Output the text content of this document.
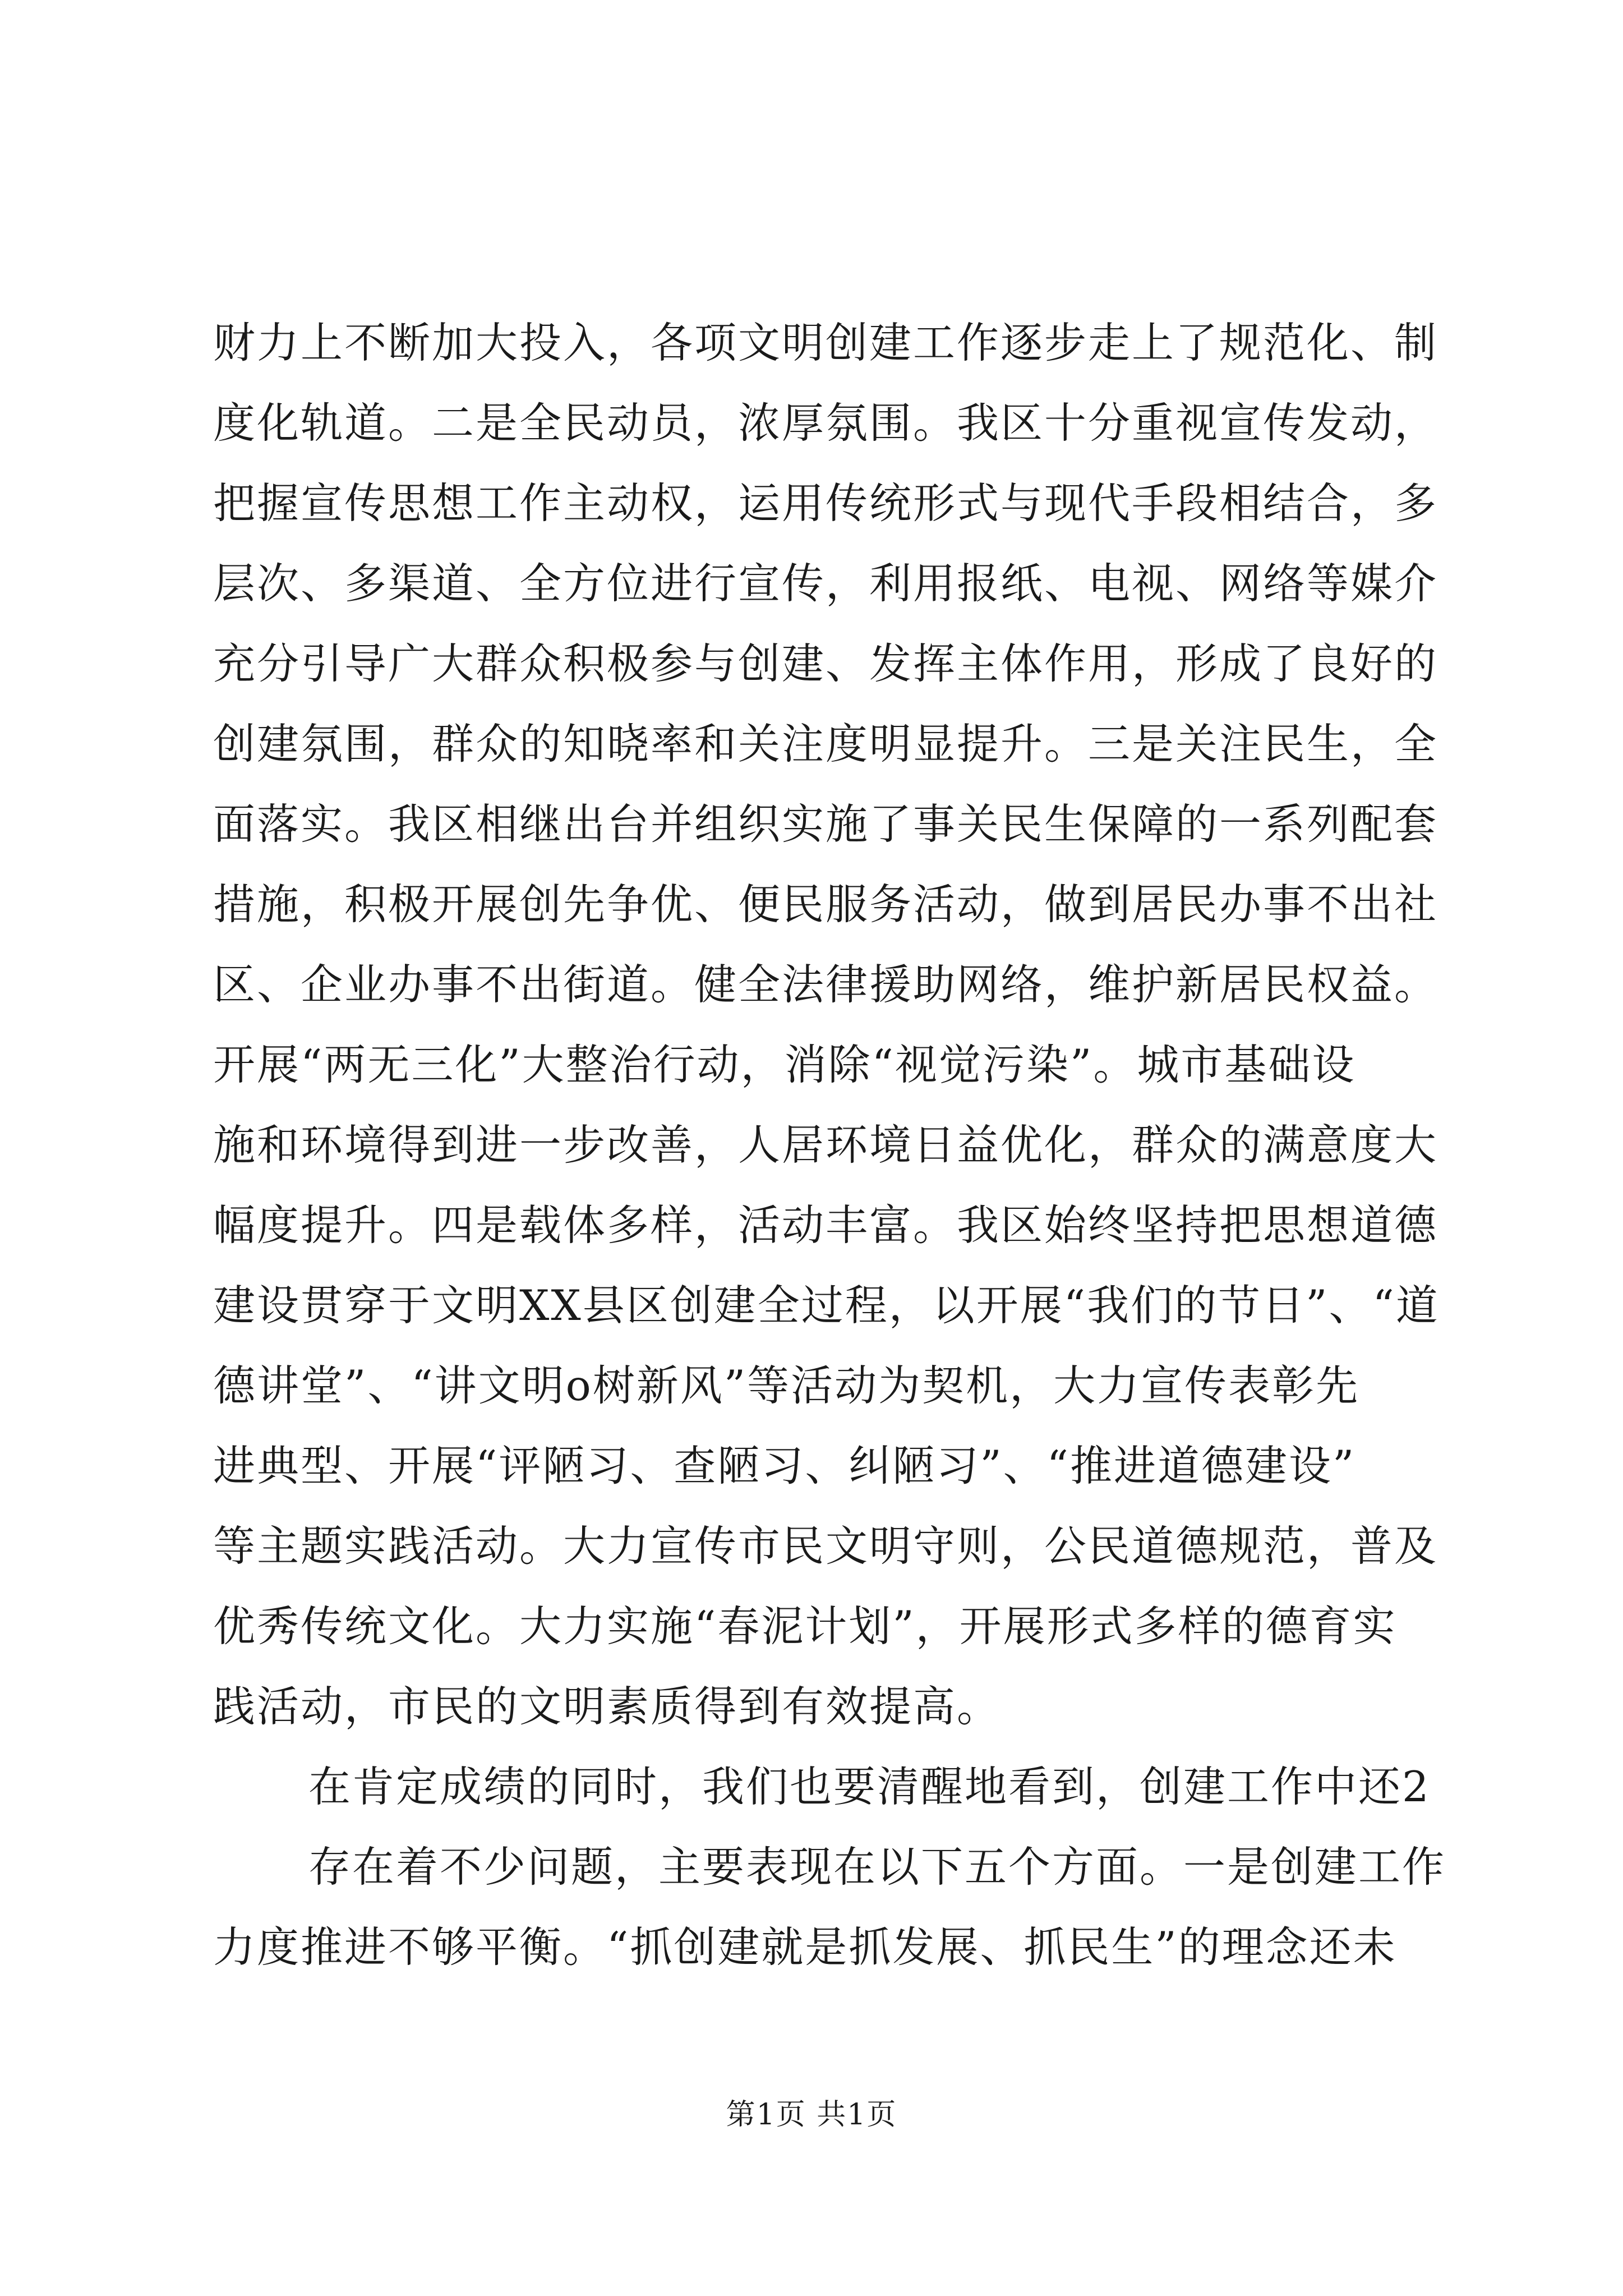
财力上不断加大投入，各项文明创建工作逐步走上了规范化、制
度化轨道。二是全民动员，浓厚氛围。我区十分重视宣传发动，
把握宣传思想工作主动权，运用传统形式与现代手段相结合，多
层次、多渠道、全方位进行宣传，利用报纸、电视、网络等媒介
充分引导广大群众积极参与创建、发挥主体作用，形成了良好的
创建氛围，群众的知晓率和关注度明显提升。三是关注民生，全
面落实。我区相继出台并组织实施了事关民生保障的一系列配套
措施，积极开展创先争优、便民服务活动，做到居民办事不出社
区、企业办事不出街道。健全法律援助网络，维护新居民权益。
开展“两无三化”大整治行动，消除“视觉污染”。城市基础设
施和环境得到进一步改善，人居环境日益优化，群众的满意度大
幅度提升。四是载体多样，活动丰富。我区始终坚持把思想道德
建设贯穿于文明XX县区创建全过程，以开展“我们的节日”、“道
德讲堂”、“讲文明o树新风”等活动为契机，大力宣传表彰先
进典型、开展“评陋习、查陋习、纠陋习”、“推进道德建设”
等主题实践活动。大力宣传市民文明守则，公民道德规范，普及
优秀传统文化。大力实施“春泥计划”，开展形式多样的德育实
践活动，市民的文明素质得到有效提高。
在肯定成绩的同时，我们也要清醒地看到，创建工作中还2
存在着不少问题，主要表现在以下五个方面。一是创建工作
力度推进不够平衡。“抓创建就是抓发展、抓民生”的理念还未
第1页 共1页
